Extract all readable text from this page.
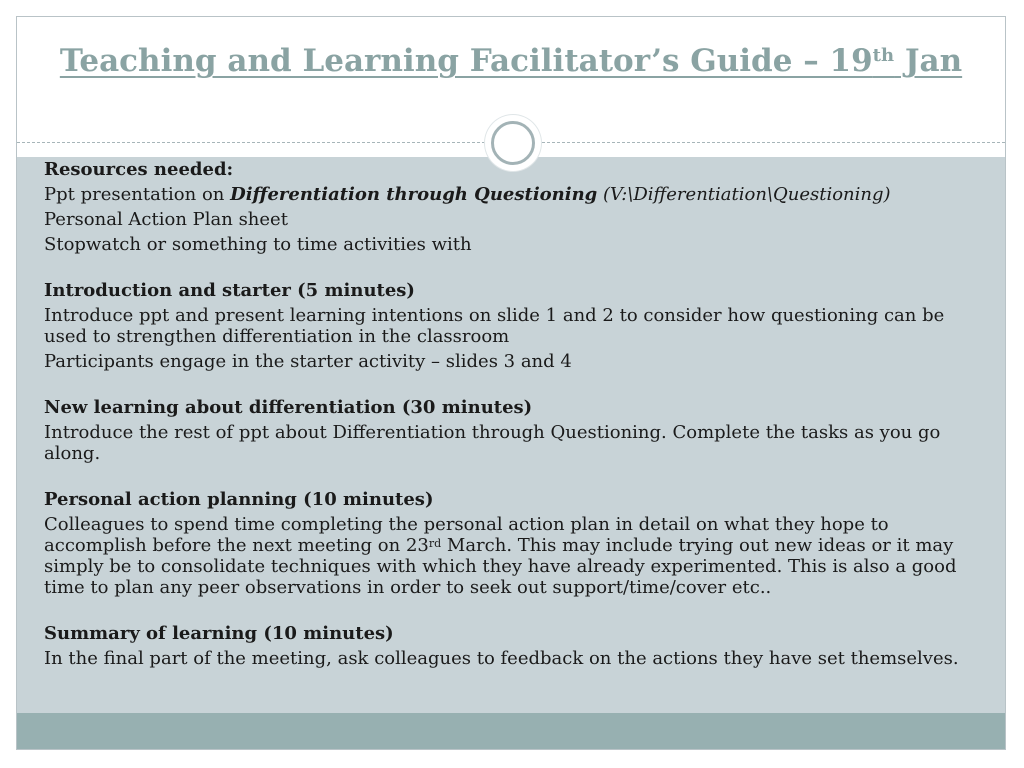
Teaching and Learning Facilitator’s Guide – 19th Jan

Resources needed:

Ppt presentation on Differentiation through Questioning (V:\Differentiation\Questioning)

Personal Action Plan sheet

Stopwatch or something to time activities with

Introduction and starter (5 minutes)

Introduce ppt and present learning intentions on slide 1 and 2 to consider how questioning can be used to strengthen differentiation in the classroom

Participants engage in the starter activity – slides 3 and 4

New learning about differentiation (30 minutes)

Introduce the rest of ppt about Differentiation through Questioning. Complete the tasks as you go along.

Personal action planning (10 minutes)

Colleagues to spend time completing the personal action plan in detail on what they hope to accomplish before the next meeting on 23rd March. This may include trying out new ideas or it may simply be to consolidate techniques with which they have already experimented. This is also a good time to plan any peer observations in order to seek out support/time/cover etc..

Summary of learning (10 minutes)

In the final part of the meeting, ask colleagues to feedback on the actions they have set themselves.
